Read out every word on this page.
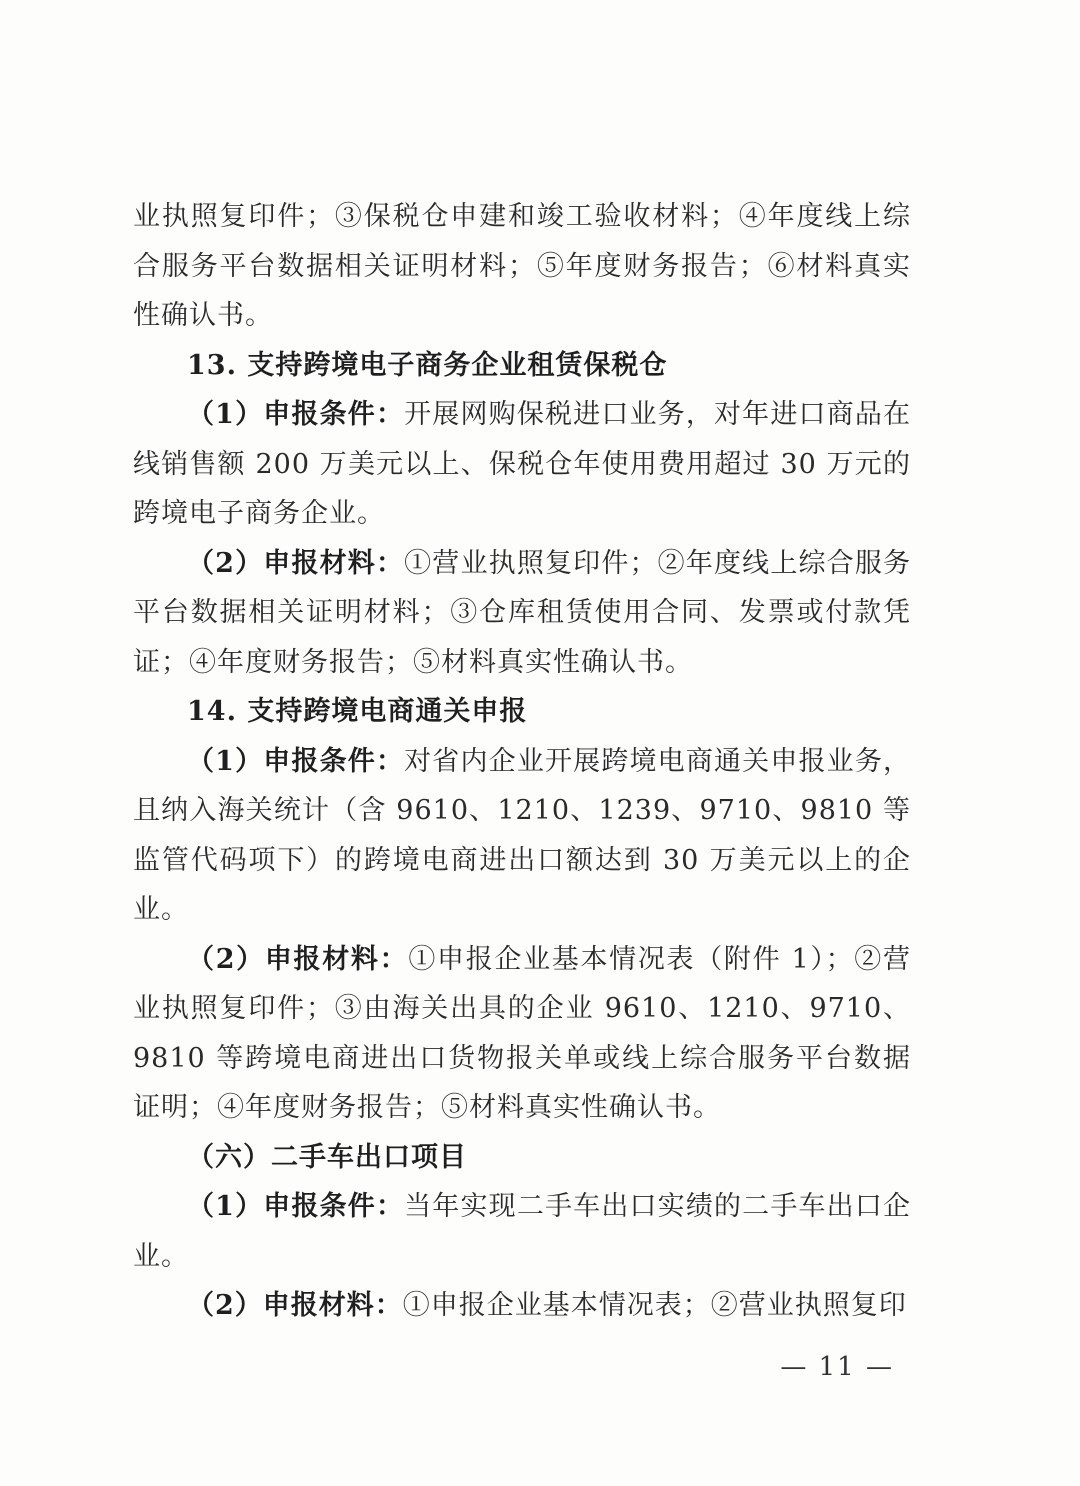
业执照复印件；③保税仓申建和竣工验收材料；④年度线上综合服务平台数据相关证明材料；⑤年度财务报告；⑥材料真实性确认书。

13. 支持跨境电子商务企业租赁保税仓

（1）申报条件：开展网购保税进口业务，对年进口商品在线销售额 200 万美元以上、保税仓年使用费用超过 30 万元的跨境电子商务企业。

（2）申报材料：①营业执照复印件；②年度线上综合服务平台数据相关证明材料；③仓库租赁使用合同、发票或付款凭证；④年度财务报告；⑤材料真实性确认书。

14. 支持跨境电商通关申报

（1）申报条件：对省内企业开展跨境电商通关申报业务，且纳入海关统计（含 9610、1210、1239、9710、9810 等监管代码项下）的跨境电商进出口额达到 30 万美元以上的企业。

（2）申报材料：①申报企业基本情况表（附件 1）；②营业执照复印件；③由海关出具的企业 9610、1210、9710、9810 等跨境电商进出口货物报关单或线上综合服务平台数据证明；④年度财务报告；⑤材料真实性确认书。

（六）二手车出口项目

（1）申报条件：当年实现二手车出口实绩的二手车出口企业。

（2）申报材料：①申报企业基本情况表；②营业执照复印

— 11 —
